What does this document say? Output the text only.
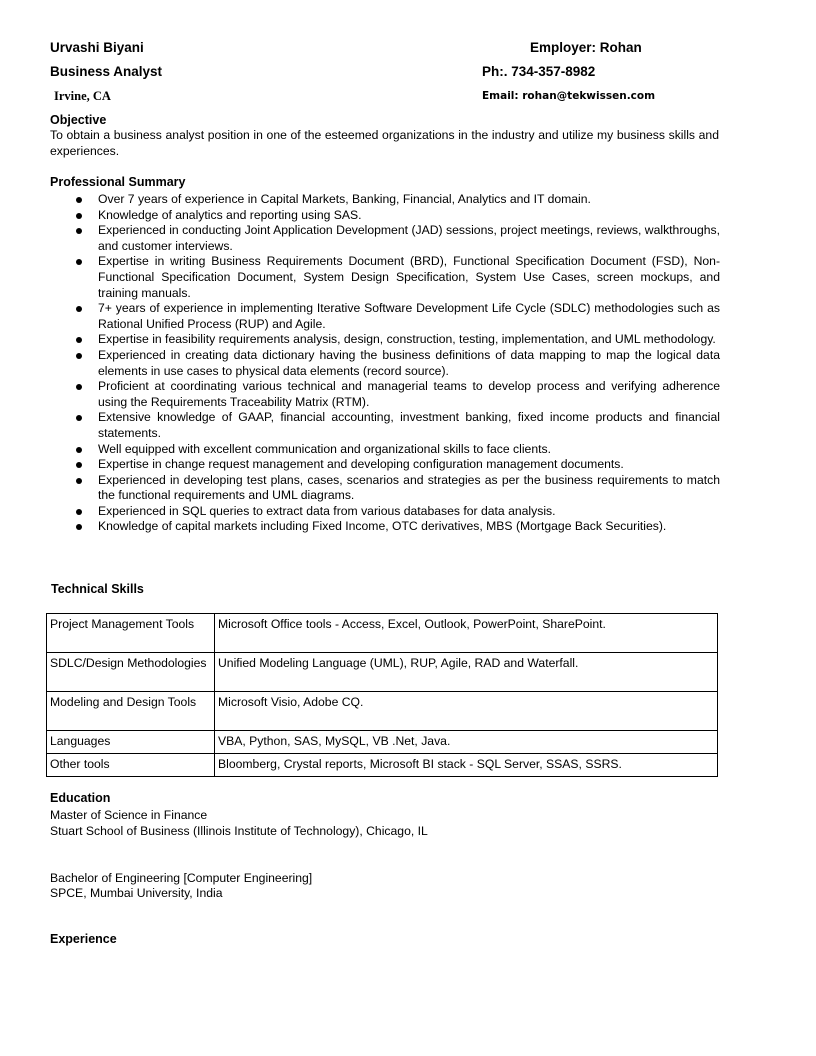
Urvashi Biyani	Employer: Rohan
Business Analyst	Ph:. 734-357-8982
Irvine, CA	Email: rohan@tekwissen.com
Objective
To obtain a business analyst position in one of the esteemed organizations in the industry and utilize my business skills and experiences.
Professional Summary
Over 7 years of experience in Capital Markets, Banking, Financial, Analytics and IT domain.
Knowledge of analytics and reporting using SAS.
Experienced in conducting Joint Application Development (JAD) sessions, project meetings, reviews, walkthroughs, and customer interviews.
Expertise in writing Business Requirements Document (BRD), Functional Specification Document (FSD), Non-Functional Specification Document, System Design Specification, System Use Cases, screen mockups, and training manuals.
7+ years of experience in implementing Iterative Software Development Life Cycle (SDLC) methodologies such as Rational Unified Process (RUP) and Agile.
Expertise in feasibility requirements analysis, design, construction, testing, implementation, and UML methodology.
Experienced in creating data dictionary having the business definitions of data mapping to map the logical data elements in use cases to physical data elements (record source).
Proficient at coordinating various technical and managerial teams to develop process and verifying adherence using the Requirements Traceability Matrix (RTM).
Extensive knowledge of GAAP, financial accounting, investment banking, fixed income products and financial statements.
Well equipped with excellent communication and organizational skills to face clients.
Expertise in change request management and developing configuration management documents.
Experienced in developing test plans, cases, scenarios and strategies as per the business requirements to match the functional requirements and UML diagrams.
Experienced in SQL queries to extract data from various databases for data analysis.
Knowledge of capital markets including Fixed Income, OTC derivatives, MBS (Mortgage Back Securities).
Technical Skills
Project Management Tools	Microsoft Office tools - Access, Excel, Outlook, PowerPoint, SharePoint.
SDLC/Design Methodologies	Unified Modeling Language (UML), RUP, Agile, RAD and Waterfall.
Modeling and Design Tools	Microsoft Visio, Adobe CQ.
Languages	VBA, Python, SAS, MySQL, VB .Net, Java.
Other tools	Bloomberg, Crystal reports, Microsoft BI stack - SQL Server, SSAS, SSRS.
Education
Master of Science in Finance
Stuart School of Business (Illinois Institute of Technology), Chicago, IL
Bachelor of Engineering [Computer Engineering]
SPCE, Mumbai University, India
Experience
